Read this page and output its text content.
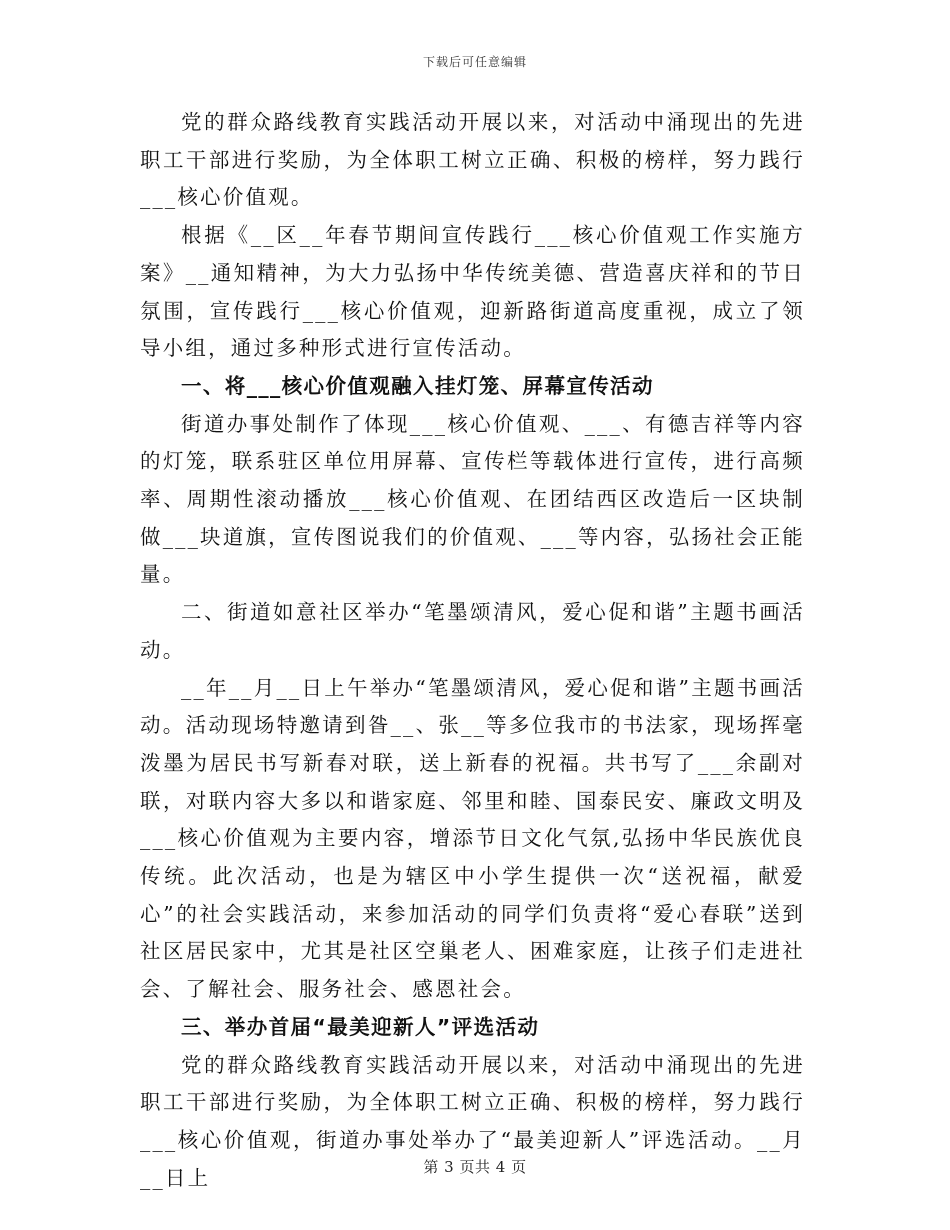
下载后可任意编辑

党的群众路线教育实践活动开展以来，对活动中涌现出的先进职工干部进行奖励，为全体职工树立正确、积极的榜样，努力践行___核心价值观。

根据《__区__年春节期间宣传践行___核心价值观工作实施方案》__通知精神，为大力弘扬中华传统美德、营造喜庆祥和的节日氛围，宣传践行___核心价值观，迎新路街道高度重视，成立了领导小组，通过多种形式进行宣传活动。

一、将___核心价值观融入挂灯笼、屏幕宣传活动

街道办事处制作了体现___核心价值观、___、有德吉祥等内容的灯笼，联系驻区单位用屏幕、宣传栏等载体进行宣传，进行高频率、周期性滚动播放___核心价值观、在团结西区改造后一区块制做___块道旗，宣传图说我们的价值观、___等内容，弘扬社会正能量。

二、街道如意社区举办“笔墨颂清风，爱心促和谐”主题书画活动。

__年__月__日上午举办“笔墨颂清风，爱心促和谐”主题书画活动。活动现场特邀请到昝__、张__等多位我市的书法家，现场挥毫泼墨为居民书写新春对联，送上新春的祝福。共书写了___余副对联，对联内容大多以和谐家庭、邻里和睦、国泰民安、廉政文明及___核心价值观为主要内容，增添节日文化气氛,弘扬中华民族优良传统。此次活动，也是为辖区中小学生提供一次“送祝福，献爱心”的社会实践活动，来参加活动的同学们负责将“爱心春联”送到社区居民家中，尤其是社区空巢老人、困难家庭，让孩子们走进社会、了解社会、服务社会、感恩社会。

三、举办首届“最美迎新人”评选活动

党的群众路线教育实践活动开展以来，对活动中涌现出的先进职工干部进行奖励，为全体职工树立正确、积极的榜样，努力践行___核心价值观，街道办事处举办了“最美迎新人”评选活动。__月__日上	第 3 页共 4 页
